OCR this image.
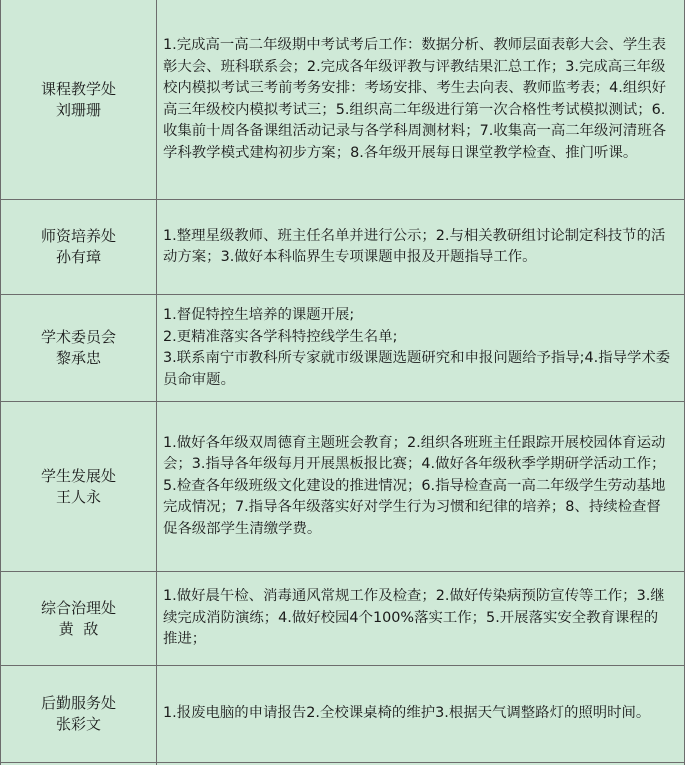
课程教学处
刘珊珊
1.完成高一高二年级期中考试考后工作：数据分析、教师层面表彰大会、学生表彰大会、班科联系会；2.完成各年级评教与评教结果汇总工作；3.完成高三年级校内模拟考试三考前考务安排：考场安排、考生去向表、教师监考表；4.组织好高三年级校内模拟考试三；5.组织高二年级进行第一次合格性考试模拟测试；6.收集前十周各备课组活动记录与各学科周测材料；7.收集高一高二年级河清班各学科教学模式建构初步方案；8.各年级开展每日课堂教学检查、推门听课。
师资培养处
孙有璋
1.整理星级教师、班主任名单并进行公示；2.与相关教研组讨论制定科技节的活动方案；3.做好本科临界生专项课题申报及开题指导工作。
学术委员会
黎承忠
1.督促特控生培养的课题开展;
2.更精准落实各学科特控线学生名单;
3.联系南宁市教科所专家就市级课题选题研究和申报问题给予指导;4.指导学术委员命审题。
学生发展处
王人永
1.做好各年级双周德育主题班会教育；2.组织各班班主任跟踪开展校园体育运动会；3.指导各年级每月开展黑板报比赛；4.做好各年级秋季学期研学活动工作；5.检查各年级班级文化建设的推进情况；6.指导检查高一高二年级学生劳动基地完成情况；7.指导各年级落实好对学生行为习惯和纪律的培养；8、持续检查督促各级部学生清缴学费。
综合治理处
黄  敌
1.做好晨午检、消毒通风常规工作及检查；2.做好传染病预防宣传等工作；3.继续完成消防演练；4.做好校园4个100%落实工作；5.开展落实安全教育课程的推进；
后勤服务处
张彩文
1.报废电脑的申请报告2.全校课桌椅的维护3.根据天气调整路灯的照明时间。
